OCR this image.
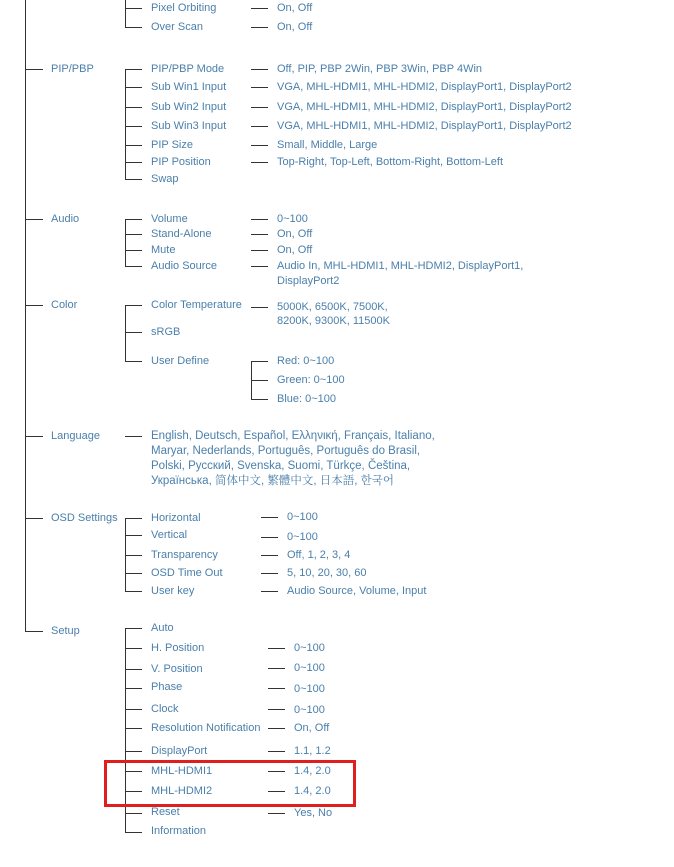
Pixel Orbiting	On, Off
Over Scan	On, Off
PIP/PBP	PIP/PBP Mode	Off, PIP, PBP 2Win, PBP 3Win, PBP 4Win
Sub Win1 Input	VGA, MHL-HDMI1, MHL-HDMI2, DisplayPort1, DisplayPort2
Sub Win2 Input	VGA, MHL-HDMI1, MHL-HDMI2, DisplayPort1, DisplayPort2
Sub Win3 Input	VGA, MHL-HDMI1, MHL-HDMI2, DisplayPort1, DisplayPort2
PIP Size	Small, Middle, Large
PIP Position	Top-Right, Top-Left, Bottom-Right, Bottom-Left
Swap
Audio	Volume	0~100
Stand-Alone	On, Off
Mute	On, Off
Audio Source	Audio In, MHL-HDMI1, MHL-HDMI2, DisplayPort1,
DisplayPort2
Color	Color Temperature	5000K, 6500K, 7500K,
8200K, 9300K, 11500K
sRGB
User Define	Red: 0~100
Green: 0~100
Blue: 0~100
Language	English, Deutsch, Español, Ελληνική, Français, Italiano,
Maryar, Nederlands, Português, Português do Brasil,
Polski, Русский, Svenska, Suomi, Türkçe, Čeština,
Українська, 简体中文, 繁體中文, 日本語, 한국어
OSD Settings	Horizontal	0~100
Vertical	0~100
Transparency	Off, 1, 2, 3, 4
OSD Time Out	5, 10, 20, 30, 60
User key	Audio Source, Volume, Input
Setup	Auto
H. Position	0~100
V. Position	0~100
Phase	0~100
Clock	0~100
Resolution Notification	On, Off
DisplayPort	1.1, 1.2
MHL-HDMI1	1.4, 2.0
MHL-HDMI2	1.4, 2.0
Reset	Yes, No
Information
